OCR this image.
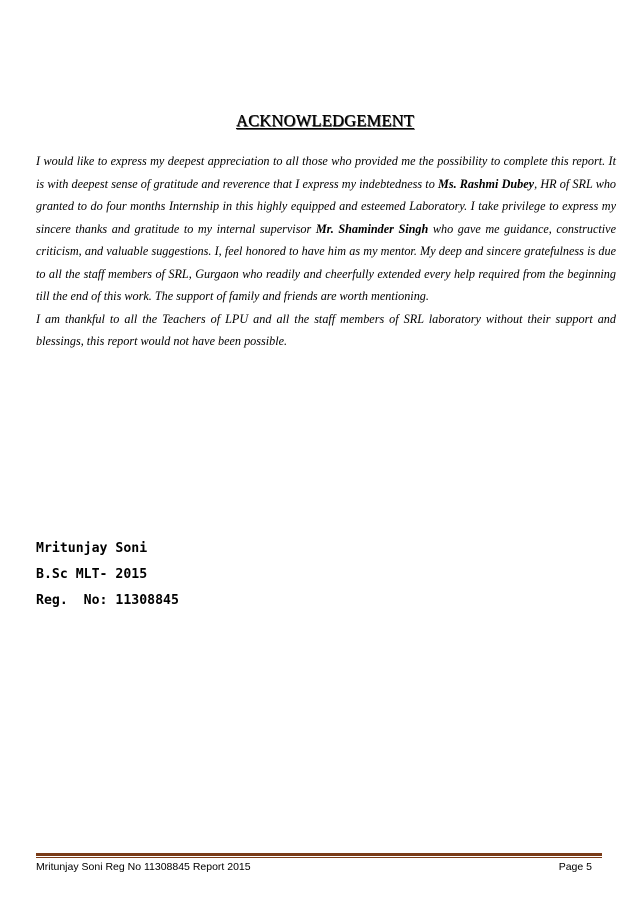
ACKNOWLEDGEMENT

I would like to express my deepest appreciation to all those who provided me the possibility to complete this report. It is with deepest sense of gratitude and reverence that I express my indebtedness to Ms. Rashmi Dubey, HR of SRL who granted to do four months Internship in this highly equipped and esteemed Laboratory. I take privilege to express my sincere thanks and gratitude to my internal supervisor Mr. Shaminder Singh who gave me guidance, constructive criticism, and valuable suggestions. I, feel honored to have him as my mentor. My deep and sincere gratefulness is due to all the staff members of SRL, Gurgaon who readily and cheerfully extended every help required from the beginning till the end of this work. The support of family and friends are worth mentioning.

I am thankful to all the Teachers of LPU and all the staff members of SRL laboratory without their support and blessings, this report would not have been possible.

Mritunjay Soni
B.Sc MLT- 2015
Reg.  No: 11308845
Mritunjay Soni Reg No 11308845 Report 2015	Page 5
